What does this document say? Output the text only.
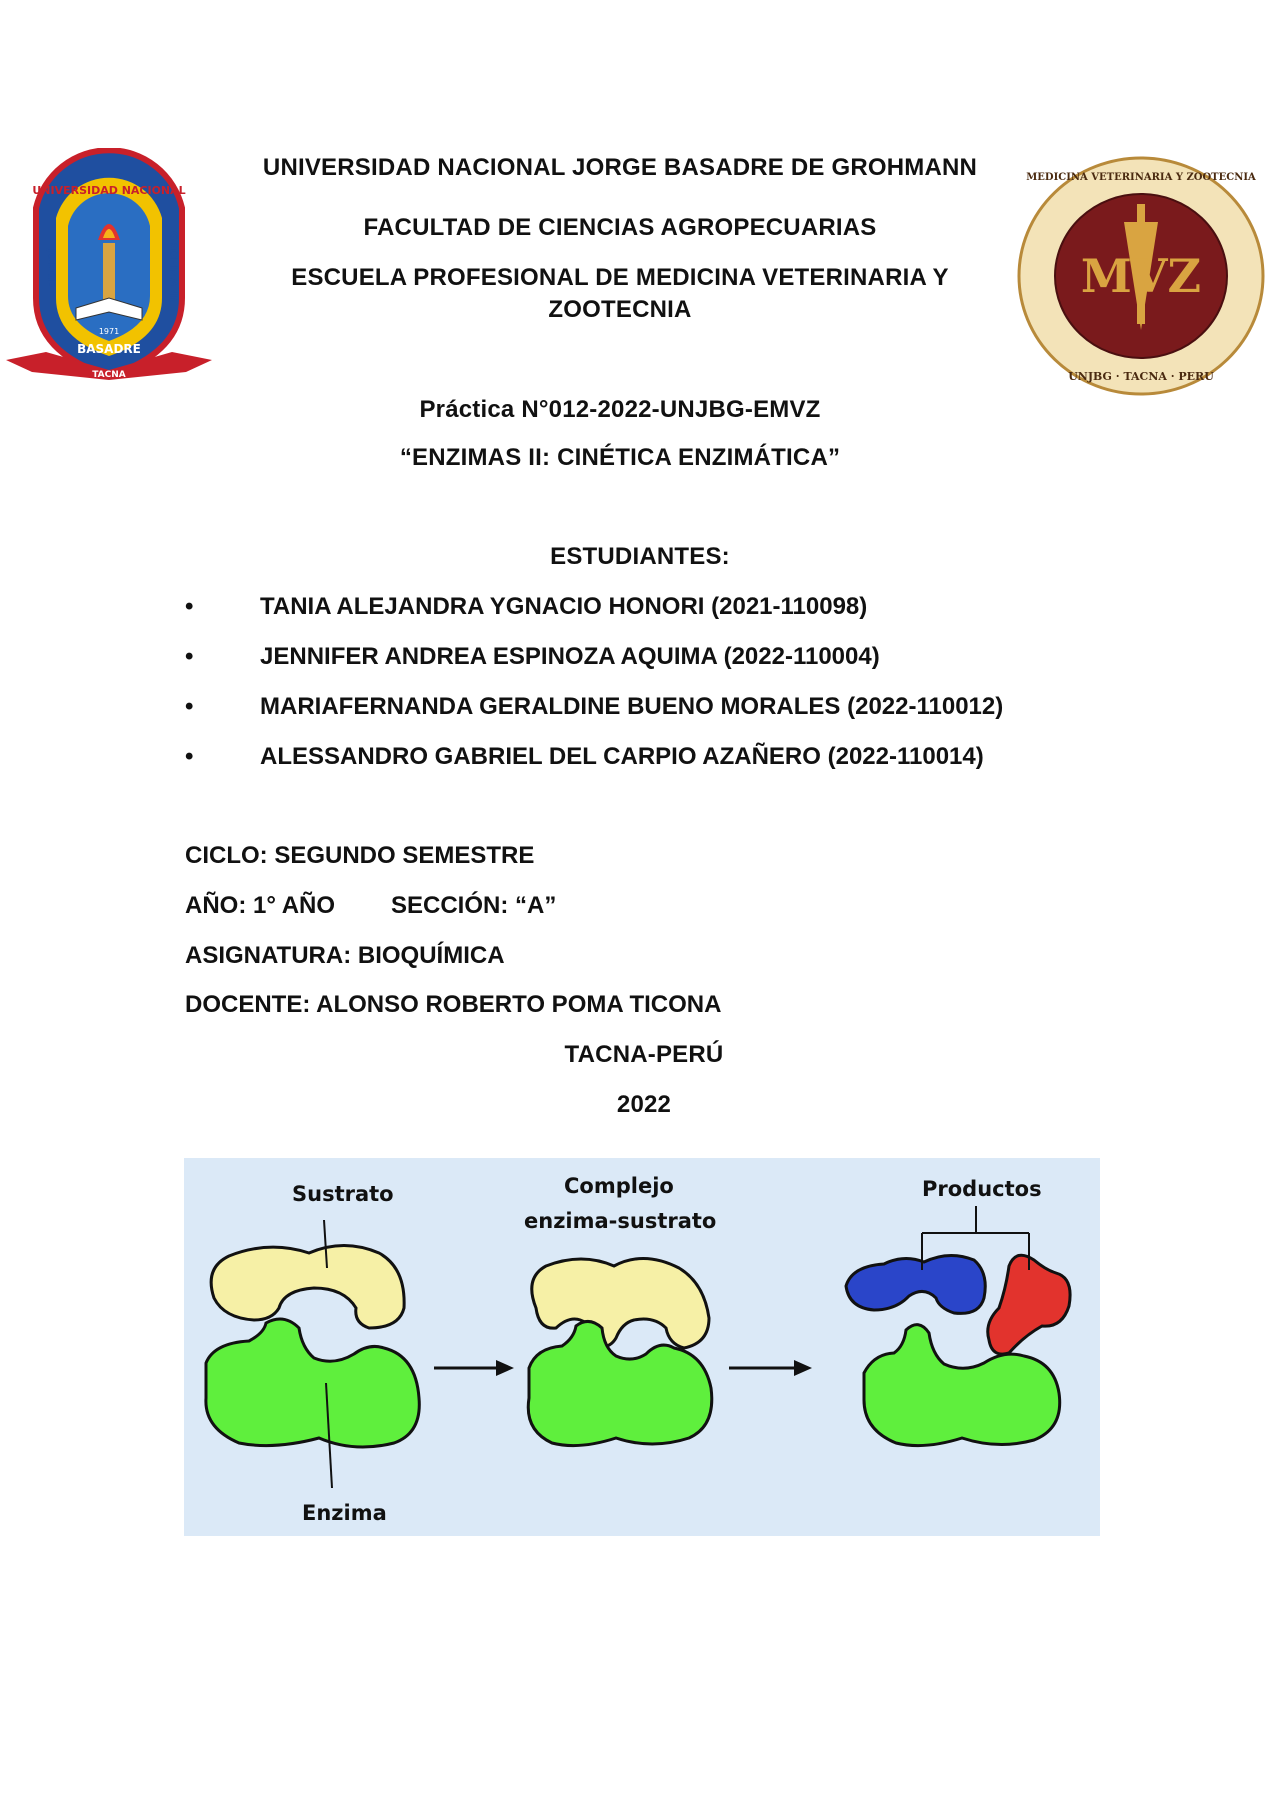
UNIVERSIDAD NACIONAL
JORGE	GROHMANN
BASADRE
1971
TACNA
MVZ
MEDICINA VETERINARIA Y ZOOTECNIA
UNJBG · TACNA · PERU
UNIVERSIDAD NACIONAL JORGE BASADRE DE GROHMANN
FACULTAD DE CIENCIAS AGROPECUARIAS
ESCUELA PROFESIONAL DE MEDICINA VETERINARIA Y
ZOOTECNIA
Práctica N°012-2022-UNJBG-EMVZ
“ENZIMAS II: CINÉTICA ENZIMÁTICA”
ESTUDIANTES:
•	TANIA ALEJANDRA YGNACIO HONORI (2021-110098)
•	JENNIFER ANDREA ESPINOZA AQUIMA (2022-110004)
•	MARIAFERNANDA GERALDINE BUENO MORALES (2022-110012)
•	ALESSANDRO GABRIEL DEL CARPIO AZAÑERO (2022-110014)
CICLO: SEGUNDO SEMESTRE
AÑO: 1° AÑO SECCIÓN: “A”
ASIGNATURA: BIOQUÍMICA
DOCENTE: ALONSO ROBERTO POMA TICONA
TACNA-PERÚ
2022
Sustrato
Enzima
Complejo
enzima-sustrato
Productos
